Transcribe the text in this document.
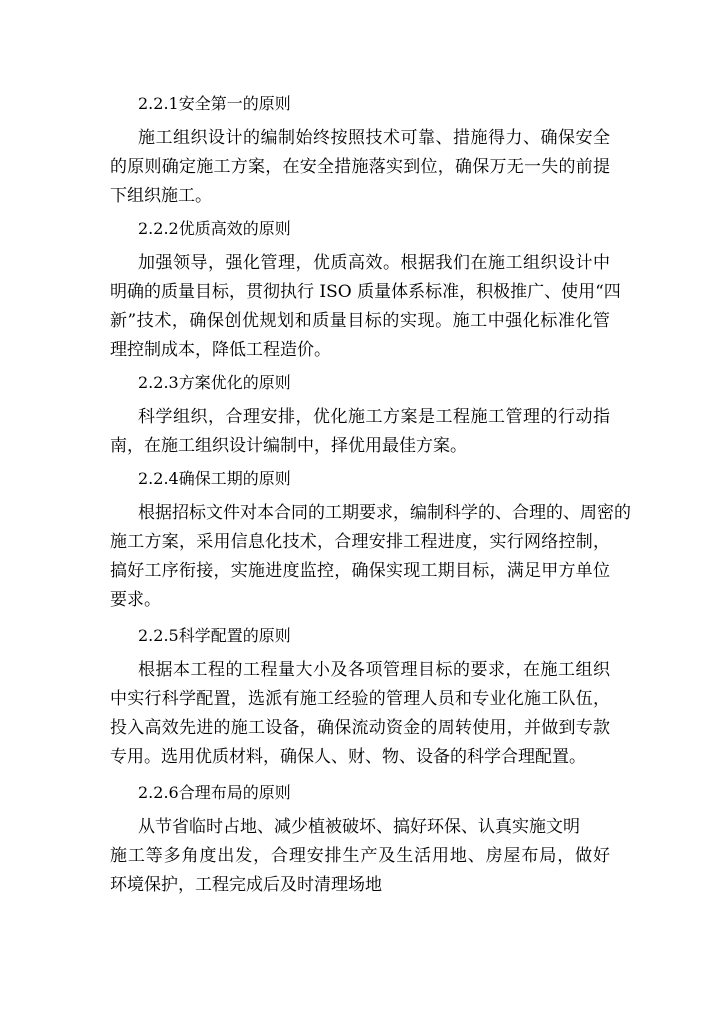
2.2.1安全第一的原则
施工组织设计的编制始终按照技术可靠、措施得力、确保安全
的原则确定施工方案，在安全措施落实到位，确保万无一失的前提
下组织施工。
2.2.2优质高效的原则
加强领导，强化管理，优质高效。根据我们在施工组织设计中
明确的质量目标，贯彻执行 ISO 质量体系标准，积极推广、使用“四
新”技术，确保创优规划和质量目标的实现。施工中强化标准化管
理控制成本，降低工程造价。
2.2.3方案优化的原则
科学组织，合理安排，优化施工方案是工程施工管理的行动指
南，在施工组织设计编制中，择优用最佳方案。
2.2.4确保工期的原则
根据招标文件对本合同的工期要求，编制科学的、合理的、周密的
施工方案，采用信息化技术，合理安排工程进度，实行网络控制，
搞好工序衔接，实施进度监控，确保实现工期目标，满足甲方单位
要求。
2.2.5科学配置的原则
根据本工程的工程量大小及各项管理目标的要求，在施工组织
中实行科学配置，选派有施工经验的管理人员和专业化施工队伍，
投入高效先进的施工设备，确保流动资金的周转使用，并做到专款
专用。选用优质材料，确保人、财、物、设备的科学合理配置。
2.2.6合理布局的原则
从节省临时占地、减少植被破坏、搞好环保、认真实施文明
施工等多角度出发，合理安排生产及生活用地、房屋布局，做好
环境保护，工程完成后及时清理场地
